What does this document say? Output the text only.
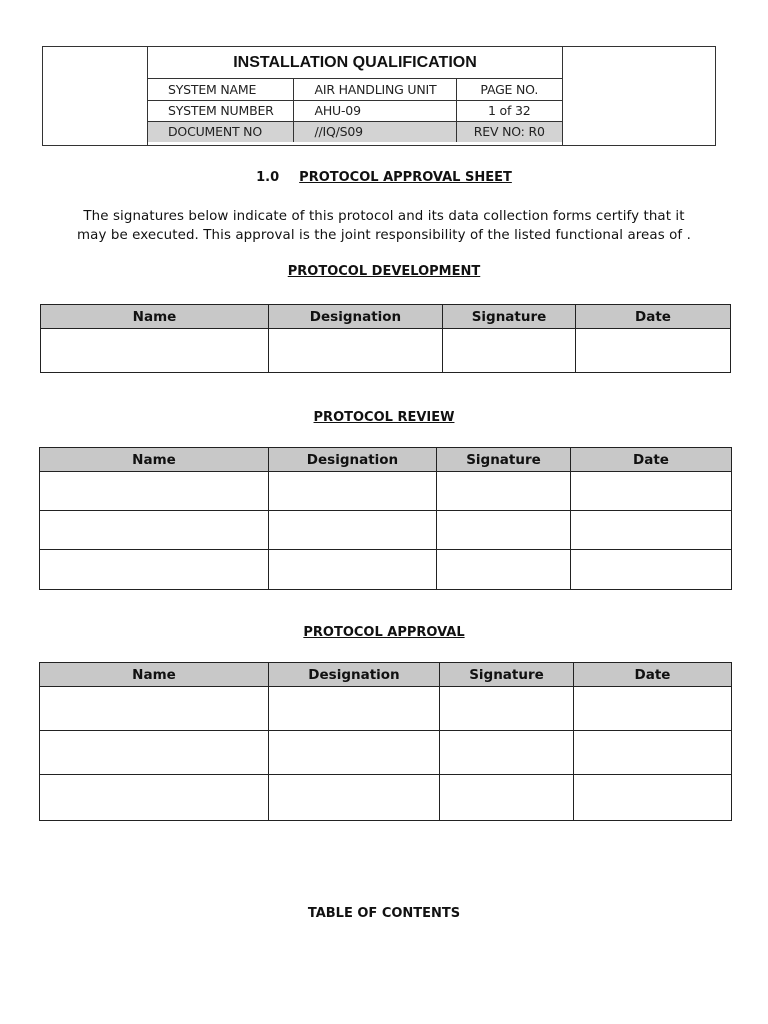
INSTALLATION QUALIFICATION
SYSTEM NAME	AIR HANDLING UNIT	PAGE NO.
SYSTEM NUMBER	AHU-09	1 of 32
DOCUMENT NO	//IQ/S09	REV NO: R0
1.0 PROTOCOL APPROVAL SHEET
The signatures below indicate of this protocol and its data collection forms certify that it
may be executed. This approval is the joint responsibility of the listed functional areas of .
PROTOCOL DEVELOPMENT
Name	Designation	Signature	Date

PROTOCOL REVIEW
Name	Designation	Signature	Date

PROTOCOL APPROVAL
Name	Designation	Signature	Date

TABLE OF CONTENTS
